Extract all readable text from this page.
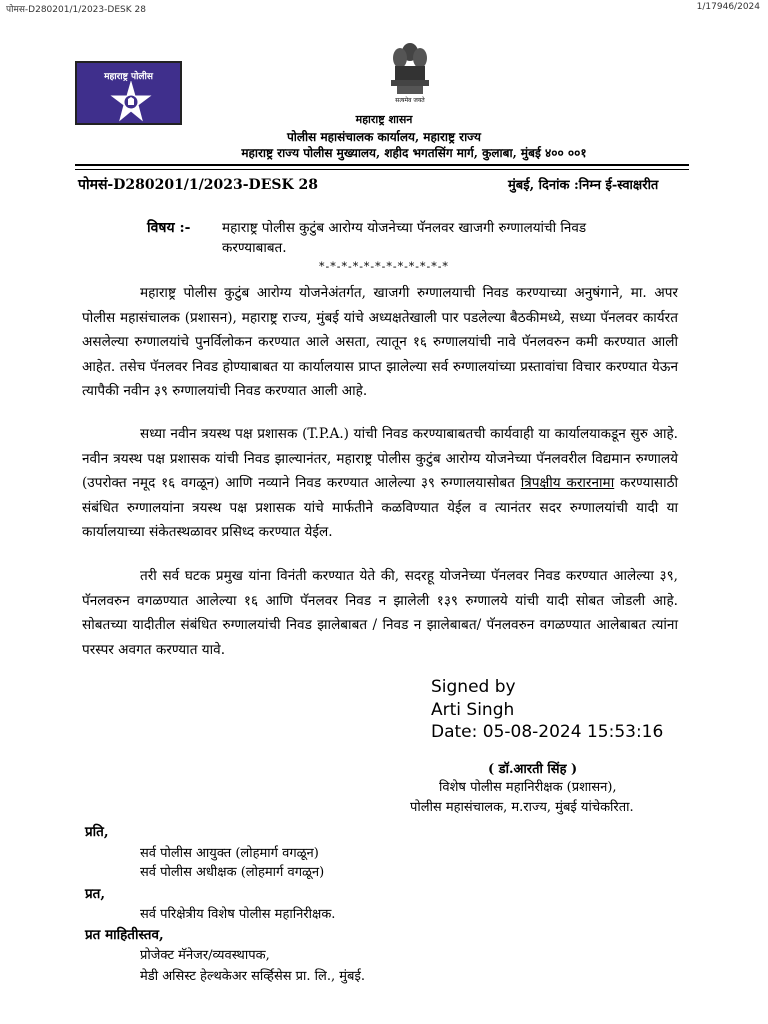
पोमस-D280201/1/2023-DESK 28	1/17946/2024
महाराष्ट्र पोलीस
सत्यमेव जयते
महाराष्ट्र शासन
पोलीस महासंचालक कार्यालय, महाराष्ट्र राज्य
महाराष्ट्र राज्य पोलीस मुख्यालय, शहीद भगतसिंग मार्ग, कुलाबा, मुंबई ४०० ००१
पोमसं-D280201/1/2023-DESK 28	मुंबई, दिनांक :निम्न ई-स्वाक्षरीत
विषय :- महाराष्ट्र पोलीस कुटुंब आरोग्य योजनेच्या पॅनलवर खाजगी रुग्णालयांची निवड करण्याबाबत.
*-*-*-*-*-*-*-*-*-*-*-*
महाराष्ट्र पोलीस कुटुंब आरोग्य योजनेअंतर्गत, खाजगी रुग्णालयाची निवड करण्याच्या अनुषंगाने, मा. अपर पोलीस महासंचालक (प्रशासन), महाराष्ट्र राज्य, मुंबई यांचे अध्यक्षतेखाली पार पडलेल्या बैठकीमध्ये, सध्या पॅनलवर कार्यरत असलेल्या रुग्णालयांचे पुनर्विलोकन करण्यात आले असता, त्यातून १६ रुग्णालयांची नावे पॅनलवरुन कमी करण्यात आली आहेत. तसेच पॅनलवर निवड होण्याबाबत या कार्यालयास प्राप्त झालेल्या सर्व रुग्णालयांच्या प्रस्तावांचा विचार करण्यात येऊन त्यापैकी नवीन ३९ रुग्णालयांची निवड करण्यात आली आहे.
सध्या नवीन त्रयस्थ पक्ष प्रशासक (T.P.A.) यांची निवड करण्याबाबतची कार्यवाही या कार्यालयाकडून सुरु आहे. नवीन त्रयस्थ पक्ष प्रशासक यांची निवड झाल्यानंतर, महाराष्ट्र पोलीस कुटुंब आरोग्य योजनेच्या पॅनलवरील विद्यमान रुग्णालये (उपरोक्त नमूद १६ वगळून) आणि नव्याने निवड करण्यात आलेल्या ३९ रुग्णालयासोबत त्रिपक्षीय करारनामा करण्यासाठी संबंधित रुग्णालयांना त्रयस्थ पक्ष प्रशासक यांचे मार्फतीने कळविण्यात येईल व त्यानंतर सदर रुग्णालयांची यादी या कार्यालयाच्या संकेतस्थळावर प्रसिध्द करण्यात येईल.
तरी सर्व घटक प्रमुख यांना विनंती करण्यात येते की, सदरहू योजनेच्या पॅनलवर निवड करण्यात आलेल्या ३९, पॅनलवरुन वगळण्यात आलेल्या १६ आणि पॅनलवर निवड न झालेली १३९ रुग्णालये यांची यादी सोबत जोडली आहे. सोबतच्या यादीतील संबंधित रुग्णालयांची निवड झालेबाबत / निवड न झालेबाबत/ पॅनलवरुन वगळण्यात आलेबाबत त्यांना परस्पर अवगत करण्यात यावे.
Signed by
Arti Singh
Date: 05-08-2024 15:53:16
( डॉ.आरती सिंह )
विशेष पोलीस महानिरीक्षक (प्रशासन),
पोलीस महासंचालक, म.राज्य, मुंबई यांचेकरिता.
प्रति,
सर्व पोलीस आयुक्त (लोहमार्ग वगळून)
सर्व पोलीस अधीक्षक (लोहमार्ग वगळून)
प्रत,
सर्व परिक्षेत्रीय विशेष पोलीस महानिरीक्षक.
प्रत माहितीस्तव,
प्रोजेक्ट मॅनेजर/व्यवस्थापक,
मेडी असिस्ट हेल्थकेअर सर्व्हिसेस प्रा. लि., मुंबई.
